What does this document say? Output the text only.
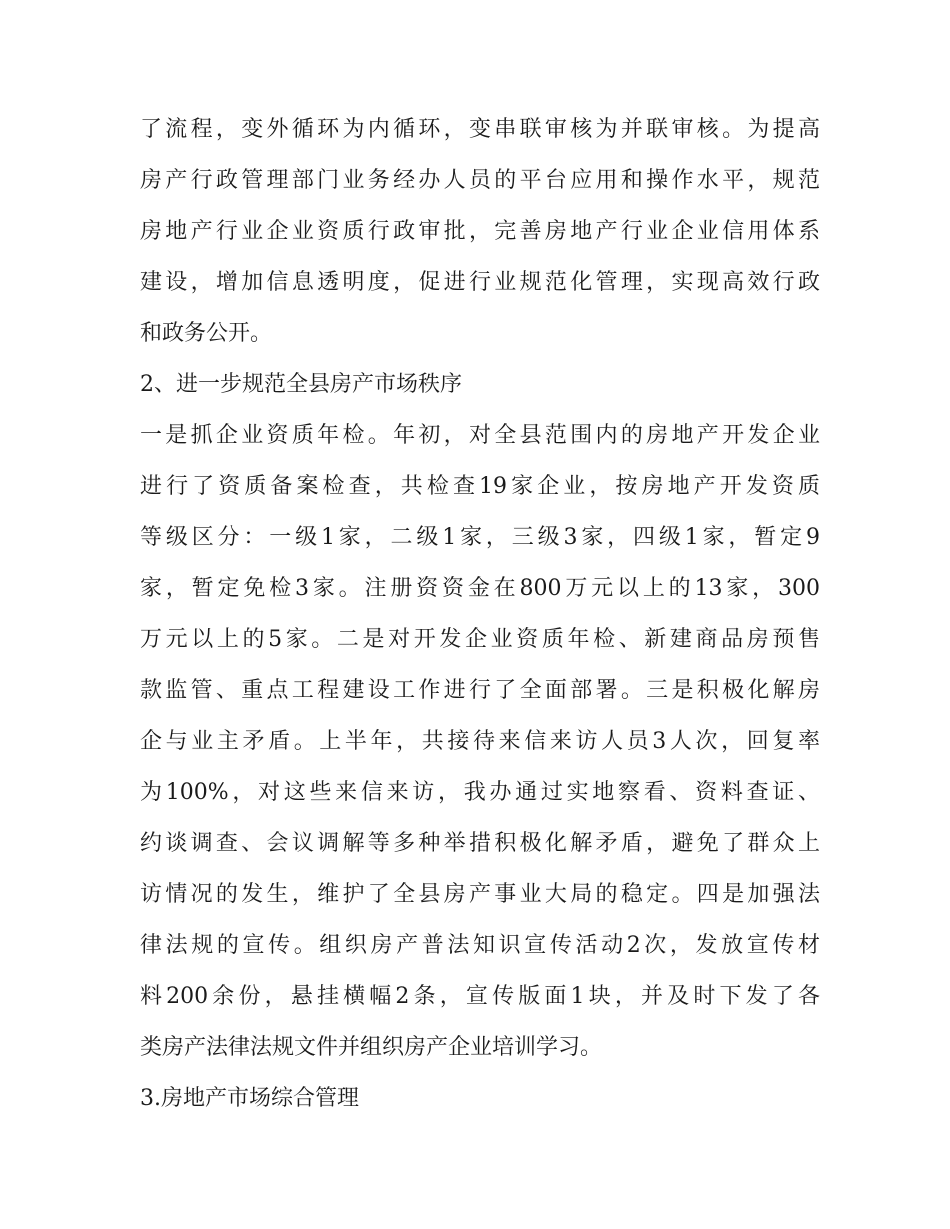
了流程，变外循环为内循环，变串联审核为并联审核。为提高
房产行政管理部门业务经办人员的平台应用和操作水平，规范
房地产行业企业资质行政审批，完善房地产行业企业信用体系
建设，增加信息透明度，促进行业规范化管理，实现高效行政
和政务公开。
2、进一步规范全县房产市场秩序
一是抓企业资质年检。年初，对全县范围内的房地产开发企业
进行了资质备案检查，共检查19家企业，按房地产开发资质
等级区分：一级1家，二级1家，三级3家，四级1家，暂定9
家，暂定免检3家。注册资资金在800万元以上的13家，300
万元以上的5家。二是对开发企业资质年检、新建商品房预售
款监管、重点工程建设工作进行了全面部署。三是积极化解房
企与业主矛盾。上半年，共接待来信来访人员3人次，回复率
为100%，对这些来信来访，我办通过实地察看、资料查证、
约谈调查、会议调解等多种举措积极化解矛盾，避免了群众上
访情况的发生，维护了全县房产事业大局的稳定。四是加强法
律法规的宣传。组织房产普法知识宣传活动2次，发放宣传材
料200余份，悬挂横幅2条，宣传版面1块，并及时下发了各
类房产法律法规文件并组织房产企业培训学习。
3.房地产市场综合管理
